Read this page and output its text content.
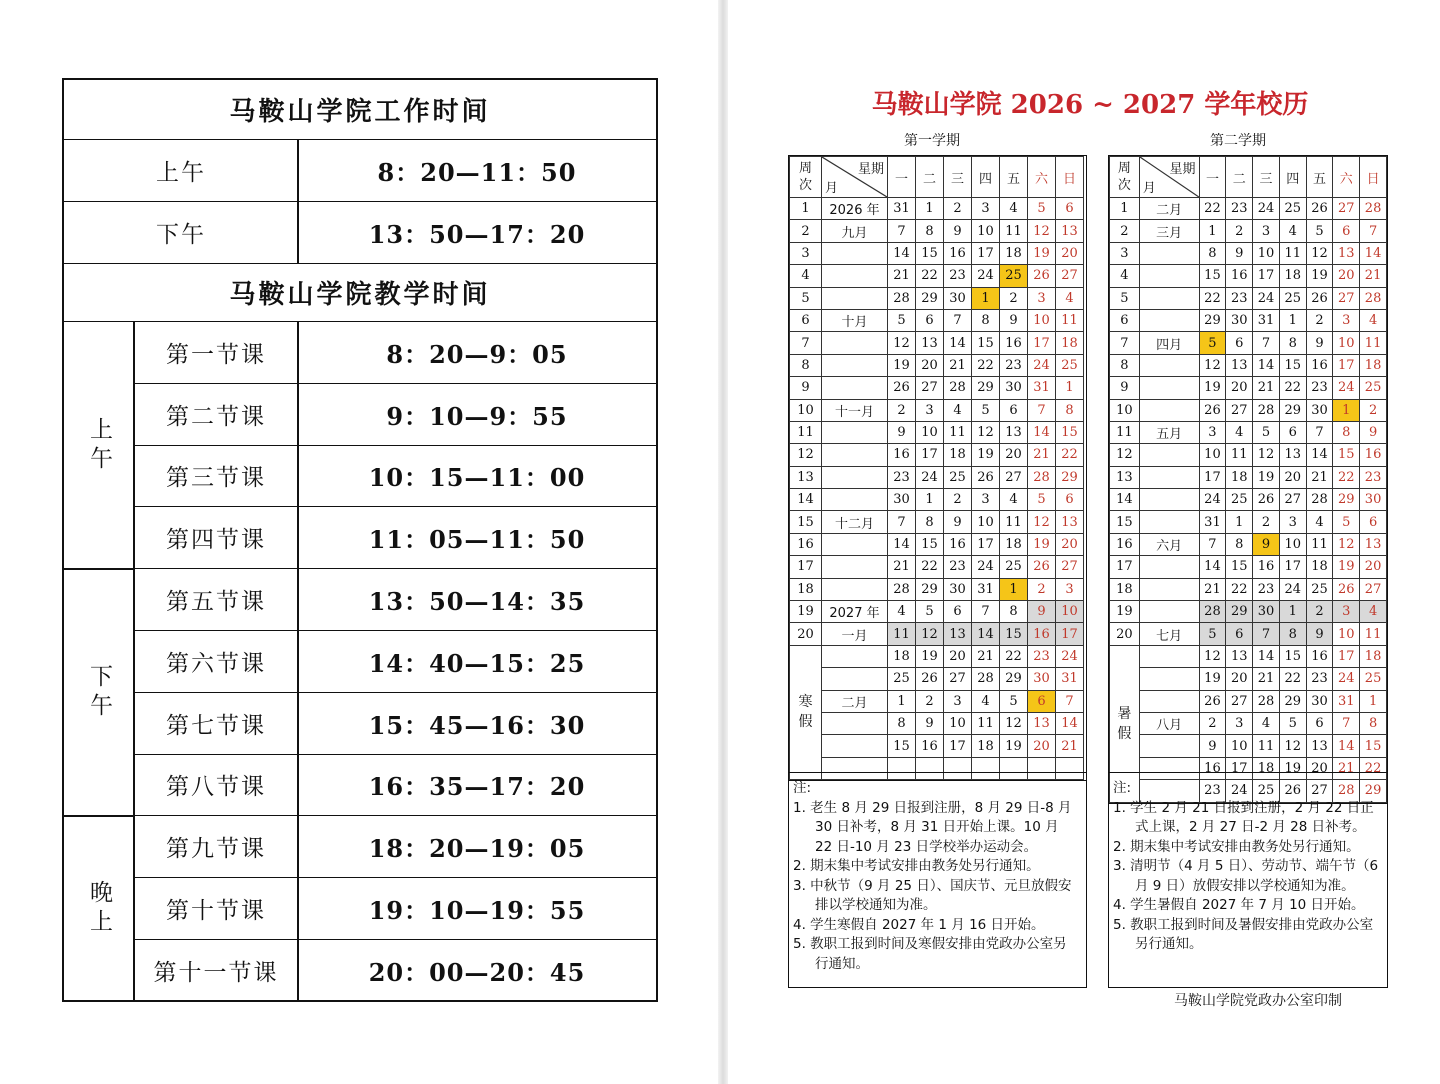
马鞍山学院工作时间
上午	8：20—11：50
下午	13：50—17：20
马鞍山学院教学时间
第一节课	8：20—9：05
第二节课	9：10—9：55
第三节课	10：15—11：00
第四节课	11：05—11：50
上午
第五节课	13：50—14：35
第六节课	14：40—15：25
第七节课	15：45—16：30
第八节课	16：35—17：20
下午
第九节课	18：20—19：05
第十节课	19：10—19：55
第十一节课	20：00—20：45
晚上
马鞍山学院 2026 ~ 2027 学年校历
第一学期	第二学期
周次	星期
月	一	二	三	四	五	六	日
1	2026 年	31	1	2	3	4	5	6
2	九月	7	8	9	10	11	12	13
3		14	15	16	17	18	19	20
4		21	22	23	24	25	26	27
5		28	29	30	1	2	3	4
6	十月	5	6	7	8	9	10	11
7		12	13	14	15	16	17	18
8		19	20	21	22	23	24	25
9		26	27	28	29	30	31	1
10	十一月	2	3	4	5	6	7	8
11		9	10	11	12	13	14	15
12		16	17	18	19	20	21	22
13		23	24	25	26	27	28	29
14		30	1	2	3	4	5	6
15	十二月	7	8	9	10	11	12	13
16		14	15	16	17	18	19	20
17		21	22	23	24	25	26	27
18		28	29	30	31	1	2	3
19	2027 年	4	5	6	7	8	9	10
20	一月	11	12	13	14	15	16	17
寒假		18	19	20	21	22	23	24
		25	26	27	28	29	30	31
	二月	1	2	3	4	5	6	7
		8	9	10	11	12	13	14
		15	16	17	18	19	20	21

周次	星期
月	一	二	三	四	五	六	日
1	二月	22	23	24	25	26	27	28
2	三月	1	2	3	4	5	6	7
3		8	9	10	11	12	13	14
4		15	16	17	18	19	20	21
5		22	23	24	25	26	27	28
6		29	30	31	1	2	3	4
7	四月	5	6	7	8	9	10	11
8		12	13	14	15	16	17	18
9		19	20	21	22	23	24	25
10		26	27	28	29	30	1	2
11	五月	3	4	5	6	7	8	9
12		10	11	12	13	14	15	16
13		17	18	19	20	21	22	23
14		24	25	26	27	28	29	30
15		31	1	2	3	4	5	6
16	六月	7	8	9	10	11	12	13
17		14	15	16	17	18	19	20
18		21	22	23	24	25	26	27
19		28	29	30	1	2	3	4
20	七月	5	6	7	8	9	10	11
暑假		12	13	14	15	16	17	18
		19	20	21	22	23	24	25
		26	27	28	29	30	31	1
	八月	2	3	4	5	6	7	8
		9	10	11	12	13	14	15
		16	17	18	19	20	21	22
		23	24	25	26	27	28	29
注:
1. 老生 8 月 29 日报到注册，8 月 29 日-8 月 30 日补考，8 月 31 日开始上课。10 月 22 日-10 月 23 日学校举办运动会。
2. 期末集中考试安排由教务处另行通知。
3. 中秋节（9 月 25 日）、国庆节、元旦放假安排以学校通知为准。
4. 学生寒假自 2027 年 1 月 16 日开始。
5. 教职工报到时间及寒假安排由党政办公室另行通知。
注:
1. 学生 2 月 21 日报到注册，2 月 22 日正式上课，2 月 27 日-2 月 28 日补考。
2. 期末集中考试安排由教务处另行通知。
3. 清明节（4 月 5 日）、劳动节、端午节（6 月 9 日）放假安排以学校通知为准。
4. 学生暑假自 2027 年 7 月 10 日开始。
5. 教职工报到时间及暑假安排由党政办公室另行通知。
马鞍山学院党政办公室印制
